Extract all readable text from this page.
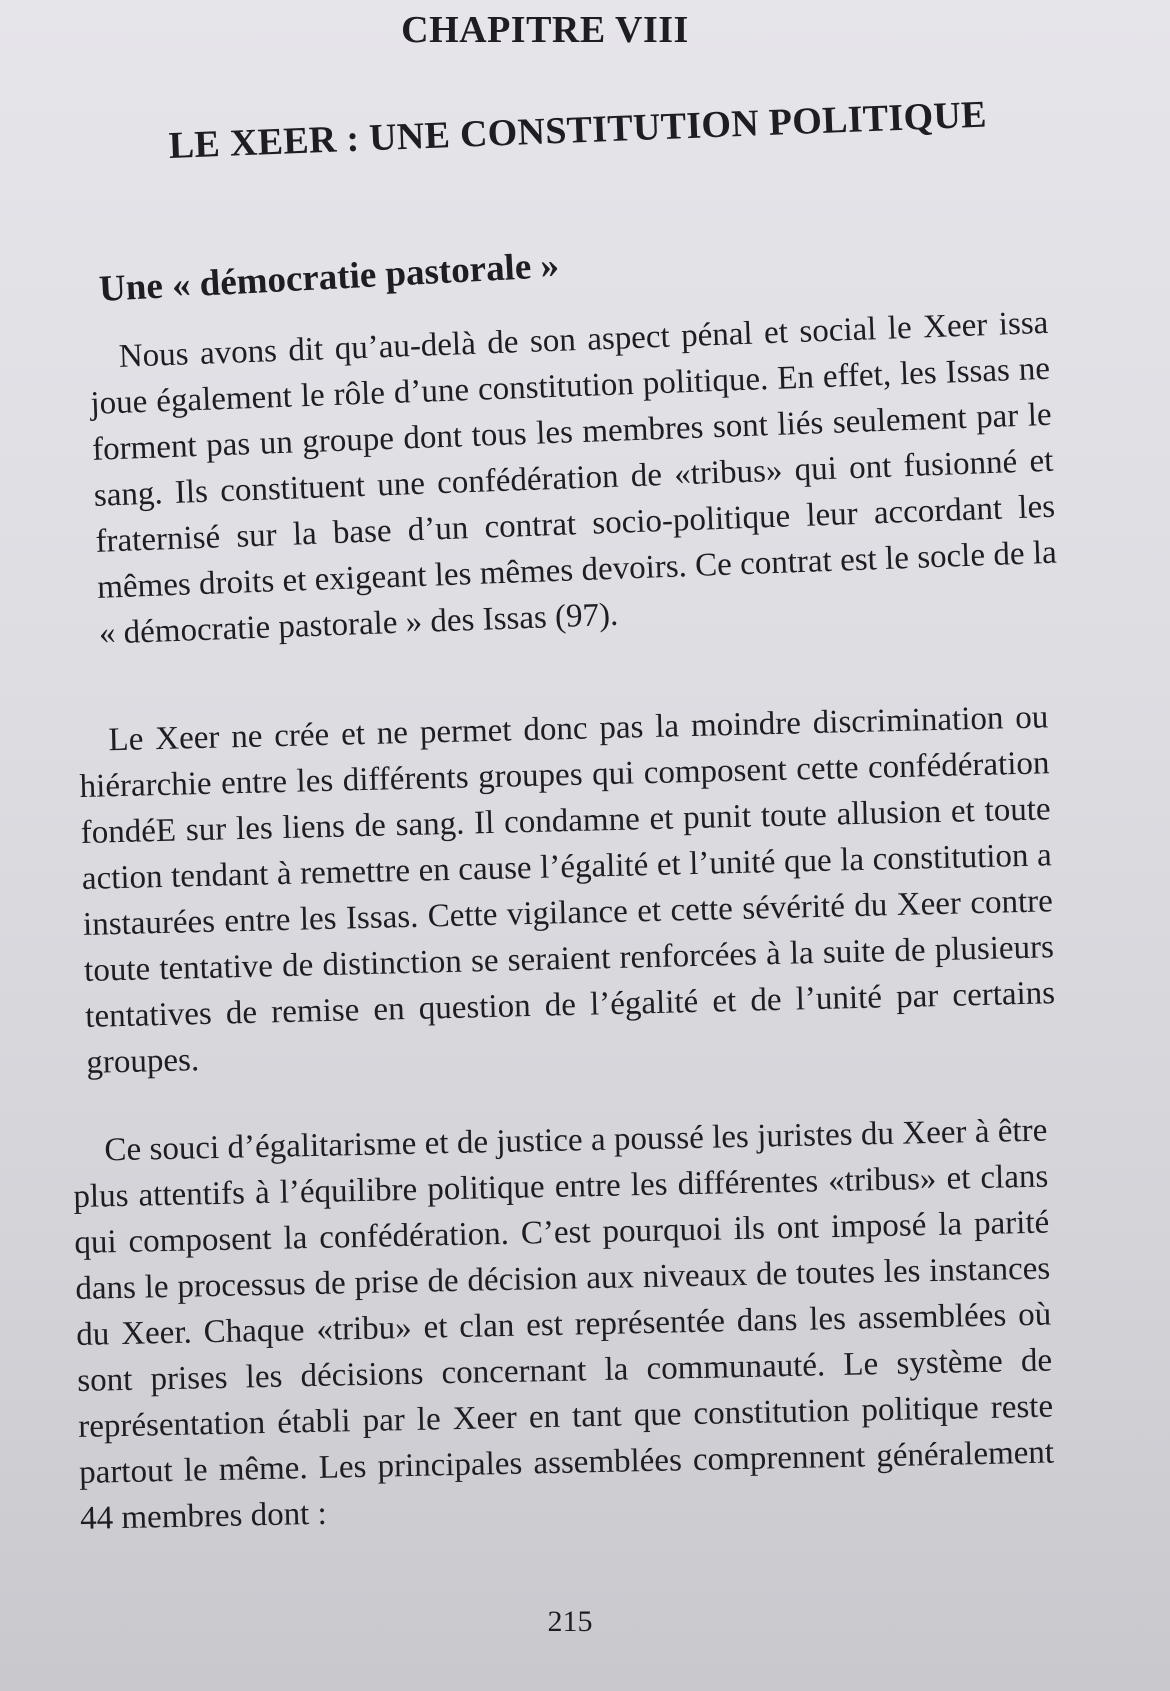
CHAPITRE VIII
LE XEER : UNE CONSTITUTION POLITIQUE
Une « démocratie pastorale »
Nous avons dit qu’au-delà de son aspect pénal et social le Xeer issa joue également le rôle d’une constitution politique. En effet, les Issas ne forment pas un groupe dont tous les membres sont liés seulement par le sang. Ils constituent une confédération de «tribus» qui ont fusionné et fraternisé sur la base d’un contrat socio-politique leur accordant les mêmes droits et exigeant les mêmes devoirs. Ce contrat est le socle de la « démocratie pastorale » des Issas (97).
Le Xeer ne crée et ne permet donc pas la moindre discrimination ou hiérarchie entre les différents groupes qui composent cette confédération fondéE sur les liens de sang. Il condamne et punit toute allusion et toute action tendant à remettre en cause l’égalité et l’unité que la constitution a instaurées entre les Issas. Cette vigilance et cette sévérité du Xeer contre toute tentative de distinction se seraient renforcées à la suite de plusieurs tentatives de remise en question de l’égalité et de l’unité par certains groupes.
Ce souci d’égalitarisme et de justice a poussé les juristes du Xeer à être plus attentifs à l’équilibre politique entre les différentes «tribus» et clans qui composent la confédération. C’est pourquoi ils ont imposé la parité dans le processus de prise de décision aux niveaux de toutes les instances du Xeer. Chaque «tribu» et clan est représentée dans les assemblées où sont prises les décisions concernant la communauté. Le système de représentation établi par le Xeer en tant que constitution politique reste partout le même. Les principales assemblées comprennent généralement 44 membres dont :
215
